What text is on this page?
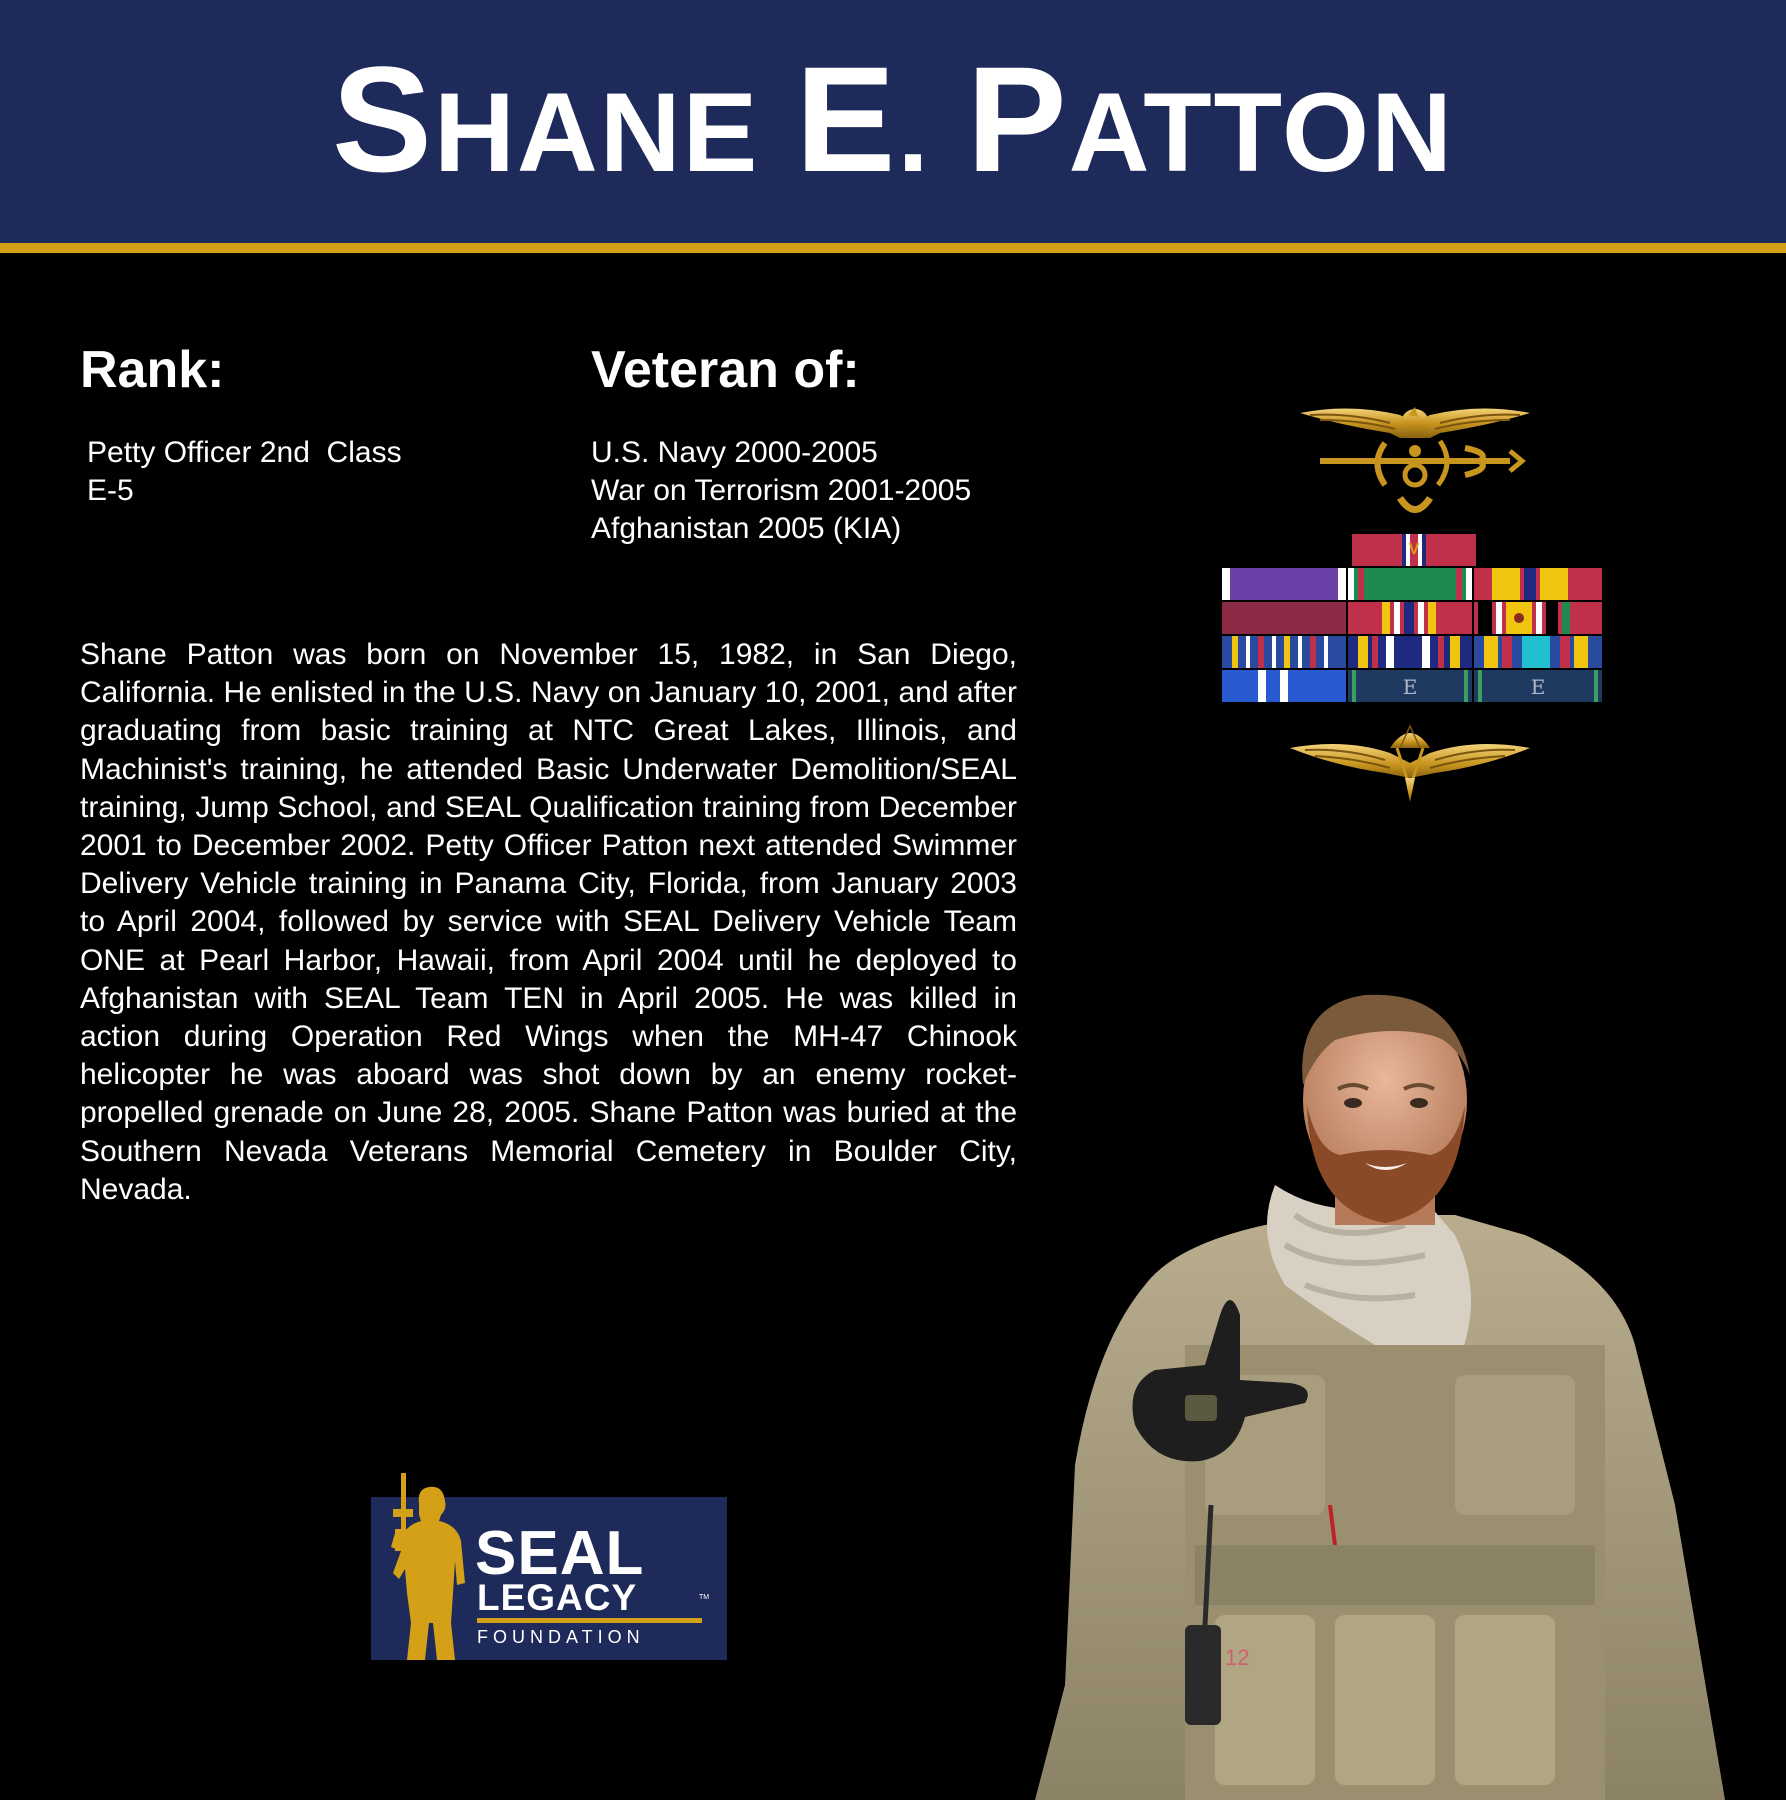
SHANE E. PATTON
Rank:
Petty Officer 2nd  Class
E-5
Veteran of:
U.S. Navy 2000-2005
War on Terrorism 2001-2005
Afghanistan 2005 (KIA)

Shane Patton was born on November 15, 1982, in San Diego, California. He enlisted in the U.S. Navy on January 10, 2001, and after graduating from basic training at NTC Great Lakes, Illinois, and Machinist's training, he attended Basic Underwater Demolition/SEAL training, Jump School, and SEAL Qualification training from December 2001 to December 2002. Petty Officer Patton next attended Swimmer Delivery Vehicle training in Panama City, Florida, from January 2003 to April 2004, followed by service with SEAL Delivery Vehicle Team ONE at Pearl Harbor, Hawaii, from April 2004 until he deployed to Afghanistan with SEAL Team TEN in April 2005. He was killed in action during Operation Red Wings when the MH-47 Chinook helicopter he was aboard was shot down by an enemy rocket-propelled grenade on June 28, 2005. Shane Patton was buried at the Southern Nevada Veterans Memorial Cemetery in Boulder City, Nevada.

V
E	E
SEAL
LEGACY	TM
FOUNDATION
12
